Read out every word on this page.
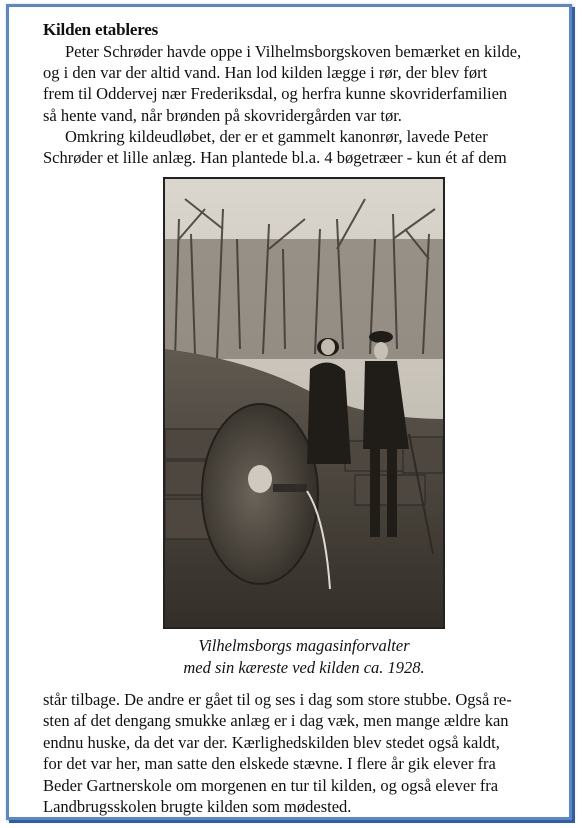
Kilden etableres
Peter Schrøder havde oppe i Vilhelmsborgskoven bemærket en kilde,
og i den var der altid vand. Han lod kilden lægge i rør, der blev ført
frem til Oddervej nær Frederiksdal, og herfra kunne skovriderfamilien
så hente vand, når brønden på skovridergården var tør.
Omkring kildeudløbet, der er et gammelt kanonrør, lavede Peter
Schrøder et lille anlæg. Han plantede bl.a. 4 bøgetræer - kun ét af dem
Vilhelmsborgs magasinforvalter
med sin kæreste ved kilden ca. 1928.
står tilbage. De andre er gået til og ses i dag som store stubbe. Også re-
sten af det dengang smukke anlæg er i dag væk, men mange ældre kan
endnu huske, da det var der. Kærlighedskilden blev stedet også kaldt,
for det var her, man satte den elskede stævne. I flere år gik elever fra
Beder Gartnerskole om morgenen en tur til kilden, og også elever fra
Landbrugsskolen brugte kilden som mødested.
